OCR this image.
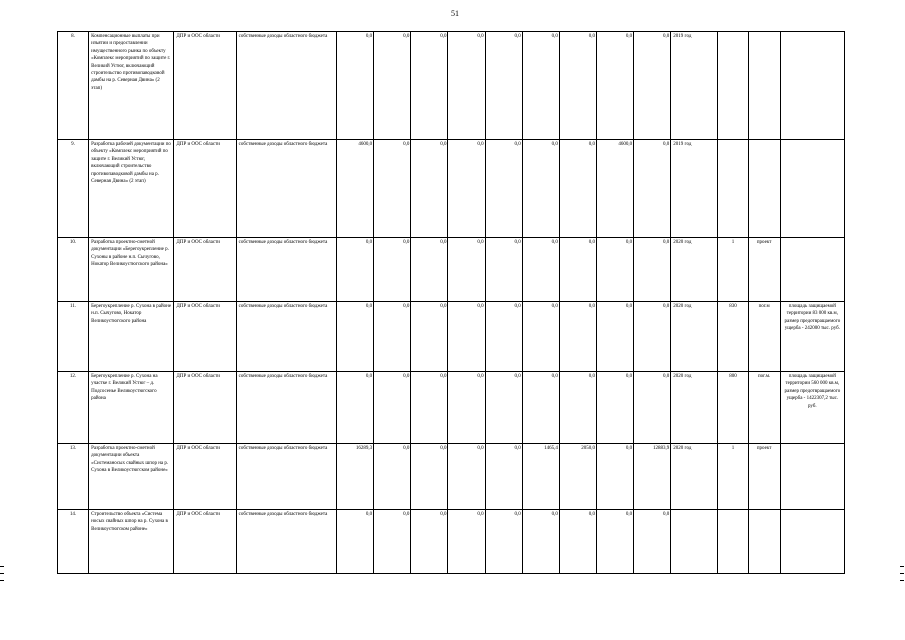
51
8.	Компенсационные выплаты при изъятии и предоставлении имущественного рынка по объекту «Комплекс мероприятий по защите г. Великий Устюг, включающий строительство противопаводковой дамбы на р. Северная Двина» (2 этап)	ДПР и ООС области	собственные доходы областного бюджета	0,0	0,0	0,0	0,0	0,0	0,0	0,0	0,0	0,0	2019 год			
9.	Разработка рабочей документации по объекту «Комплекс мероприятий по защите г. Великий Устюг, включающий строительство противопаводковой дамбы на р. Северная Двина» (2 этап)	ДПР и ООС области	собственные доходы областного бюджета	4600,0	0,0	0,0	0,0	0,0	0,0	0,0	4600,0	0,0	2019 год			
10.	Разработка проектно-сметной документации «Берегоукрепление р. Сухоны в районе н.п. Сычугово, Нокатор Великоустюгского района»	ДПР и ООС области	собственные доходы областного бюджета	0,0	0,0	0,0	0,0	0,0	0,0	0,0	0,0	0,0	2020 год	1	проект	
11.	Берегоукрепление р. Сухона в районе н.п. Сычугово, Нокатор Великоустюгского района	ДПР и ООС области	собственные доходы областного бюджета	0,0	0,0	0,0	0,0	0,0	0,0	0,0	0,0	0,0	2020 год	830	пог.м	площадь защищаемой территории 83 000 кв.м, размер предотвращаемого ущерба - 242000 тыс. руб.
12.	Берегоукрепление р. Сухона на участке г. Великий Устюг – д. Подсосенье Великоустюгского района	ДПР и ООС области	собственные доходы областного бюджета	0,0	0,0	0,0	0,0	0,0	0,0	0,0	0,0	0,0	2020 год	800	пог.м.	площадь защищаемой территории 560 000 кв.м, размер предотвращаемого ущерба - 1422307,2 тыс. руб.
13.	Разработка проектно-сметной документации объекта «Системаносых свайных шпор на р. Сухона в Великоустюгском районе»	ДПР и ООС области	собственные доходы областного бюджета	16289,3	0,0	0,0	0,0	0,0	1465,4	2050,0	0,0	12883,9	2020 год	1	проект	
14.	Строительство объекта «Система носых свайных шпор на р. Сухона в Великоустюгском районе»	ДПР и ООС области	собственные доходы областного бюджета	0,0	0,0	0,0	0,0	0,0	0,0	0,0	0,0	0,0				
